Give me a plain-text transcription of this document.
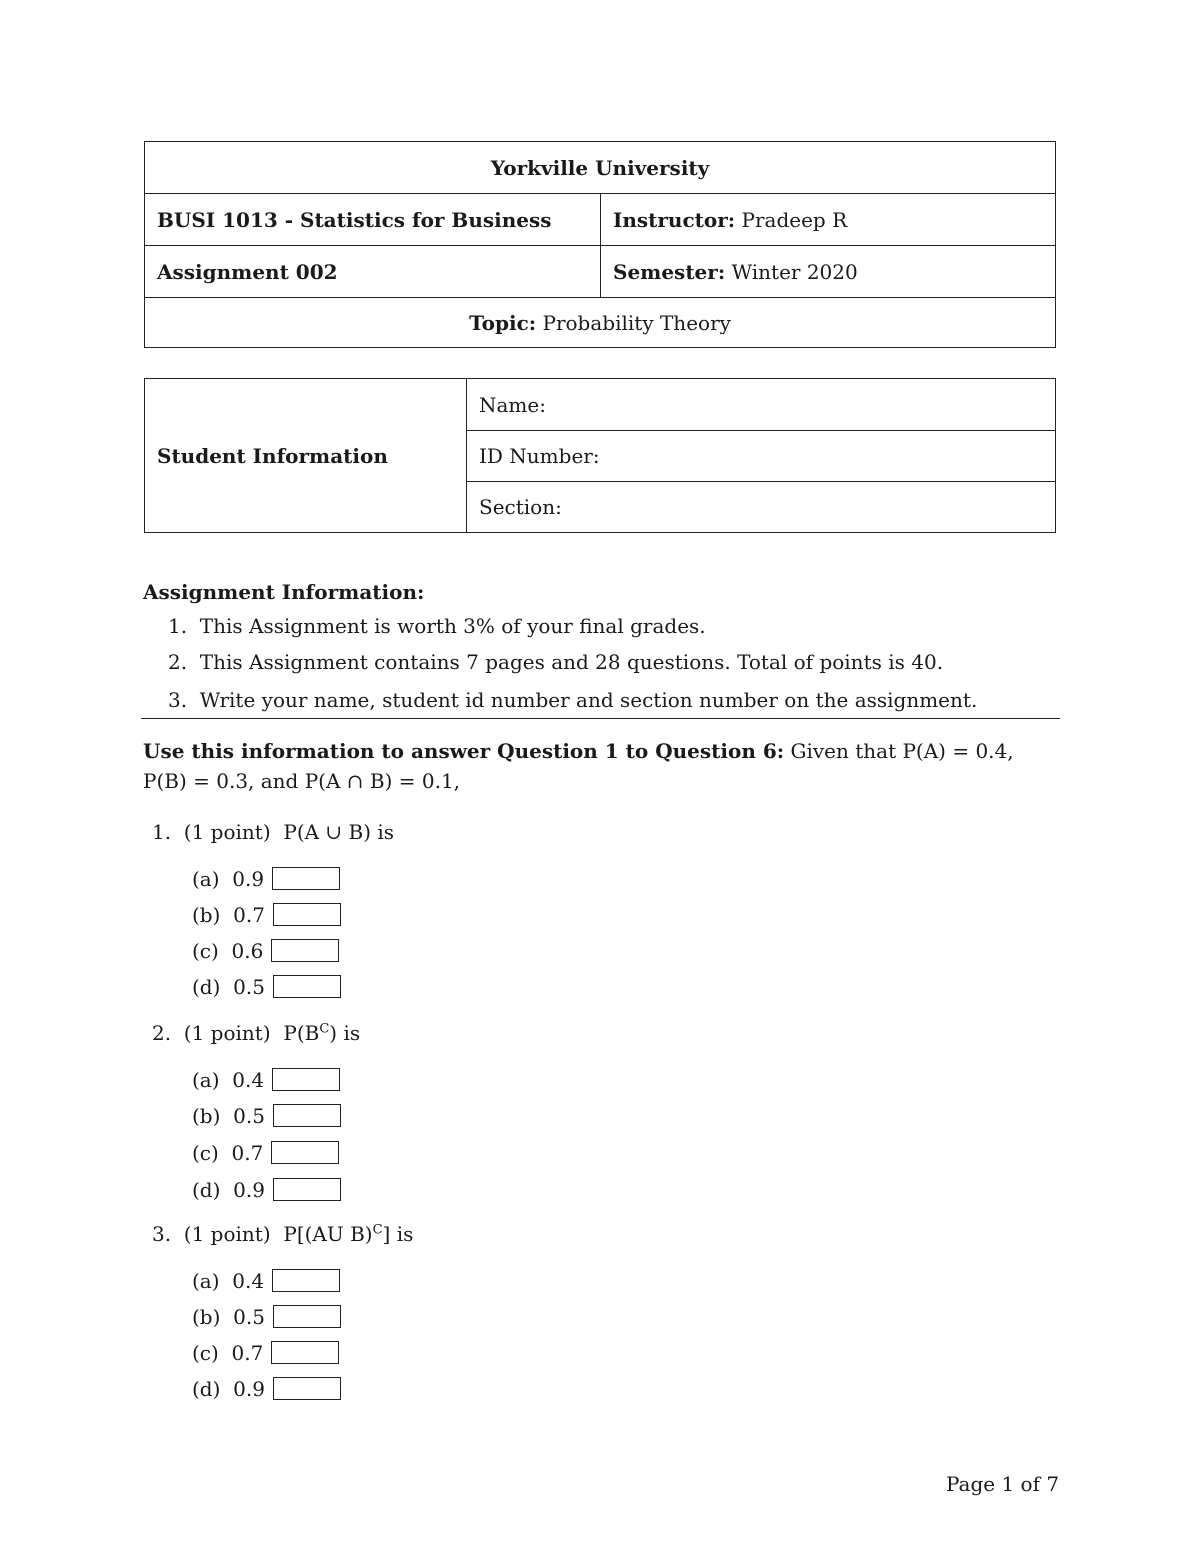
Yorkville University
BUSI 1013 - Statistics for Business	Instructor:
Pradeep R
Assignment 002	Semester:
Winter 2020
Topic:
Probability Theory
Student Information
Name:
ID Number:
Section:
Assignment Information:
1.  This Assignment is worth 3% of your final grades.
2.  This Assignment contains 7 pages and 28 questions. Total of points is 40.
3.  Write your name, student id number and section number on the assignment.
Use this information to answer Question 1 to Question 6: Given that P(A) = 0.4,
P(B) = 0.3, and P(A ∩ B) = 0.1,
1.  (1 point)  P(A ∪ B) is
(a)  0.9
(b)  0.7
(c)  0.6
(d)  0.5
2.  (1 point)  $P(B^C)$ is
(a)  0.4
(b)  0.5
(c)  0.7
(d)  0.9
3.  (1 point)  P[(AU B)$^C$] is
(a)  0.4
(b)  0.5
(c)  0.7
(d)  0.9
Page 1 of 7
